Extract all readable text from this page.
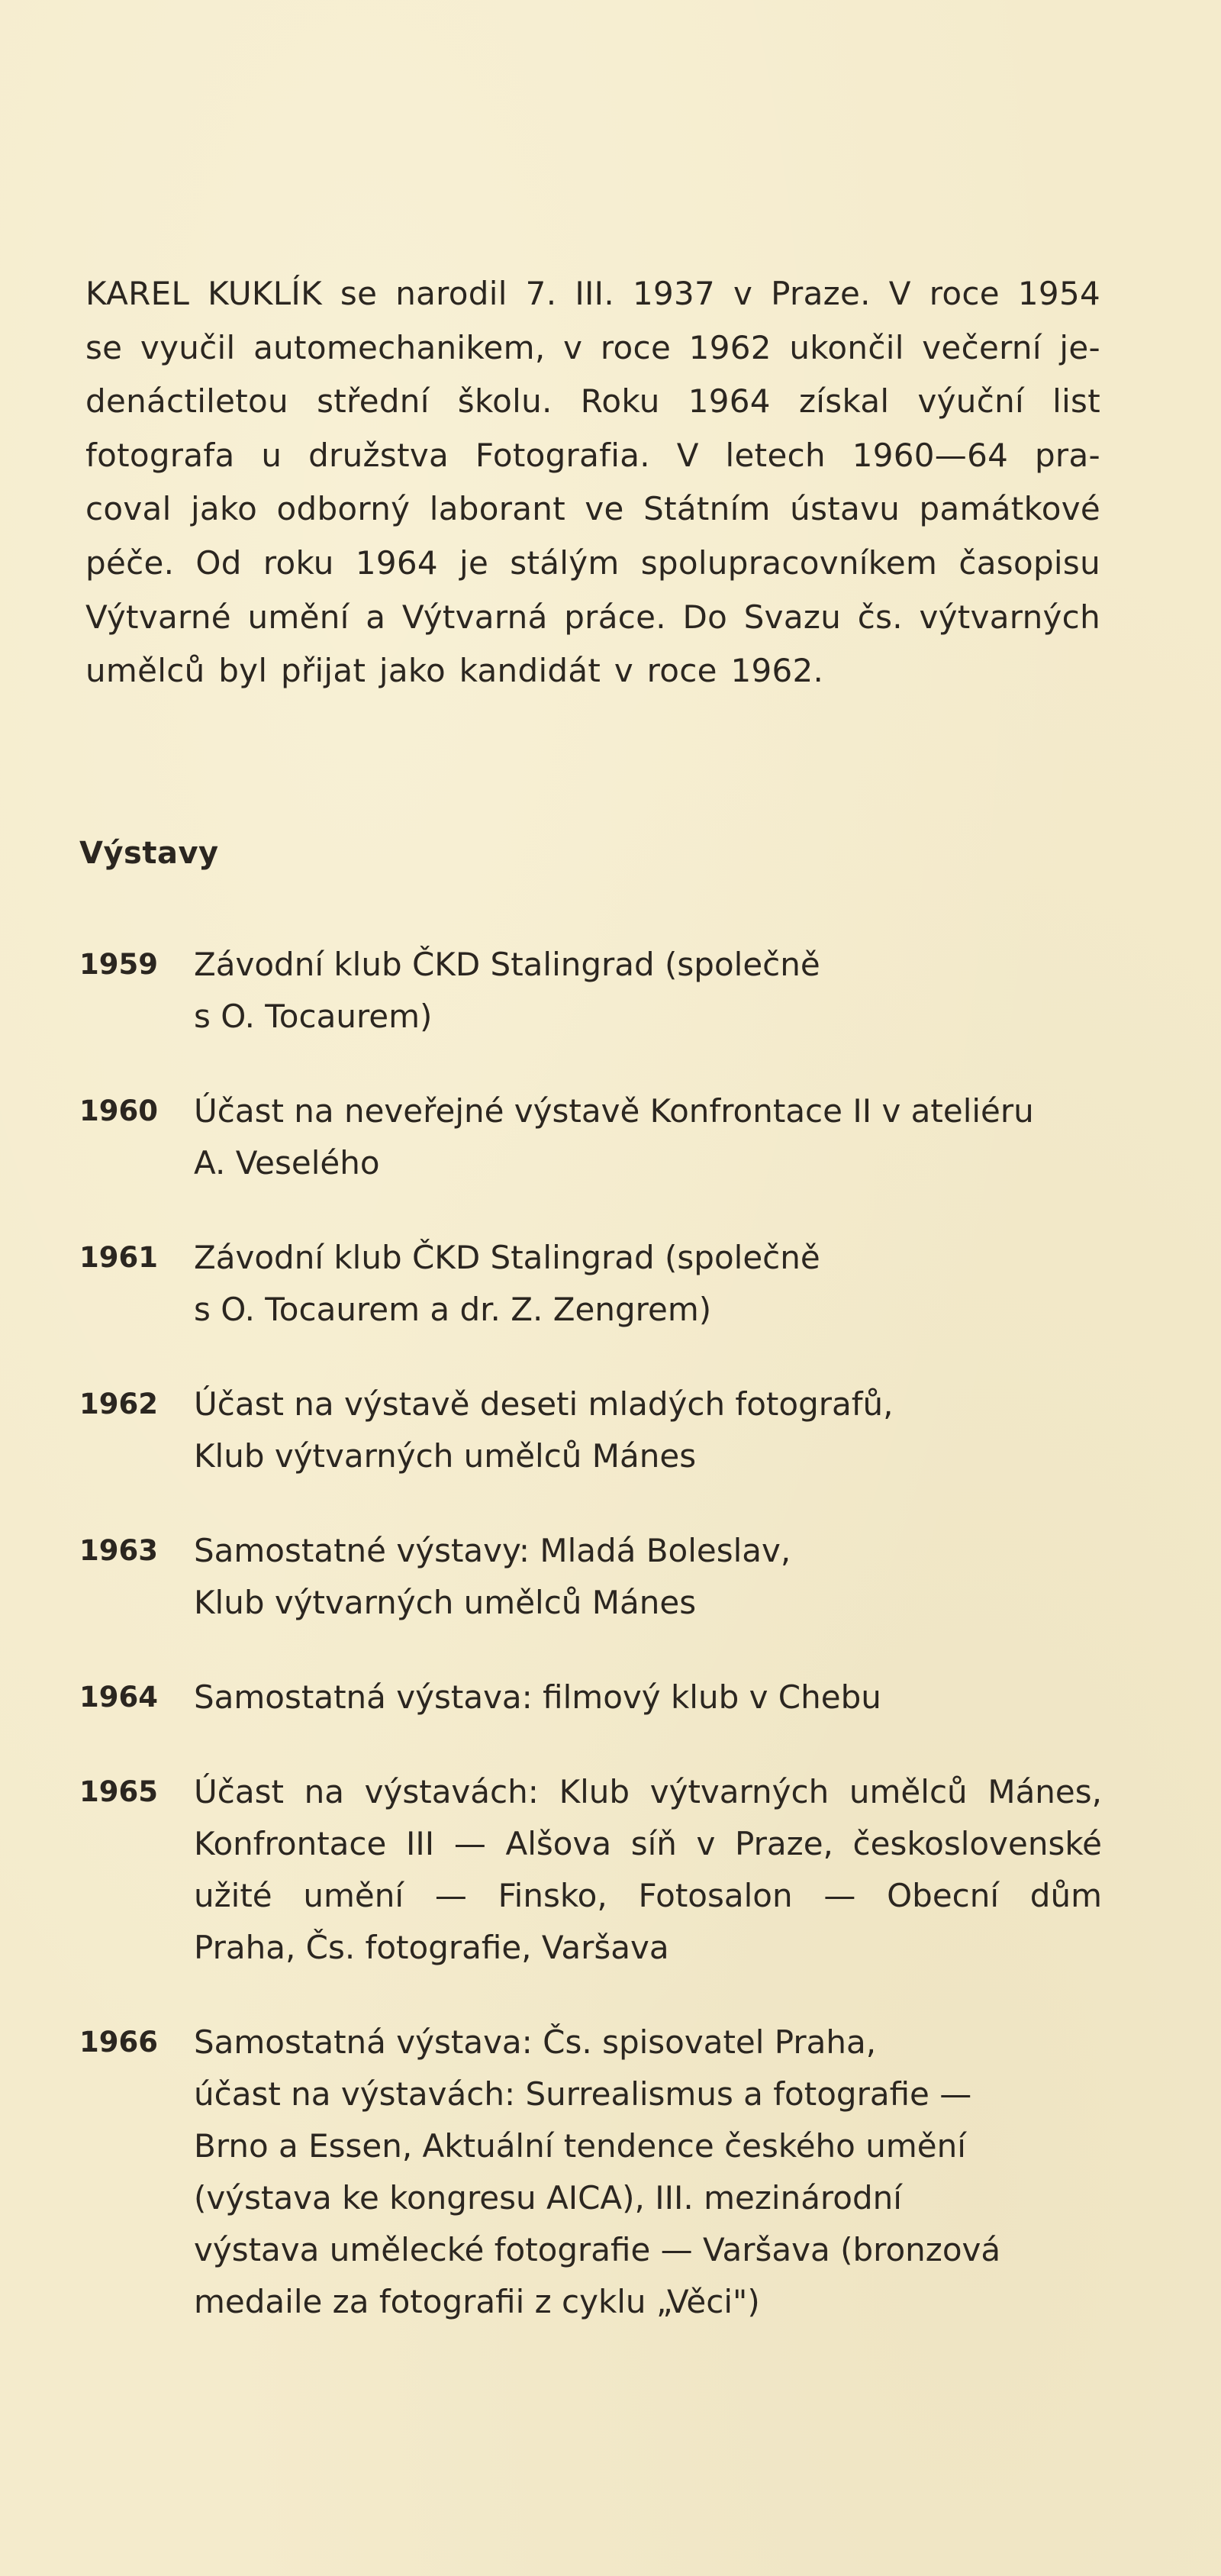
KAREL KUKLÍK se narodil 7. III. 1937 v Praze. V roce 1954
se vyučil automechanikem, v roce 1962 ukončil večerní je-
denáctiletou střední školu. Roku 1964 získal výuční list
fotografa u družstva Fotografia. V letech 1960—64 pra-
coval jako odborný laborant ve Státním ústavu památkové
péče. Od roku 1964 je stálým spolupracovníkem časopisu
Výtvarné umění a Výtvarná práce. Do Svazu čs. výtvarných
umělců byl přijat jako kandidát v roce 1962.

Výstavy
1959	Závodní klub ČKD Stalingrad (společně
s O. Tocaurem)
1960	Účast na neveřejné výstavě Konfrontace II v ateliéru
A. Veselého
1961	Závodní klub ČKD Stalingrad (společně
s O. Tocaurem a dr. Z. Zengrem)
1962	Účast na výstavě deseti mladých fotografů,
Klub výtvarných umělců Mánes
1963	Samostatné výstavy: Mladá Boleslav,
Klub výtvarných umělců Mánes
1964	Samostatná výstava: filmový klub v Chebu
1965	Účast na výstavách: Klub výtvarných umělců Mánes,
Konfrontace III — Alšova síň v Praze, československé
užité umění — Finsko, Fotosalon — Obecní dům
Praha, Čs. fotografie, Varšava
1966	Samostatná výstava: Čs. spisovatel Praha,
účast na výstavách: Surrealismus a fotografie —
Brno a Essen, Aktuální tendence českého umění
(výstava ke kongresu AICA), III. mezinárodní
výstava umělecké fotografie — Varšava (bronzová
medaile za fotografii z cyklu „Věci")
